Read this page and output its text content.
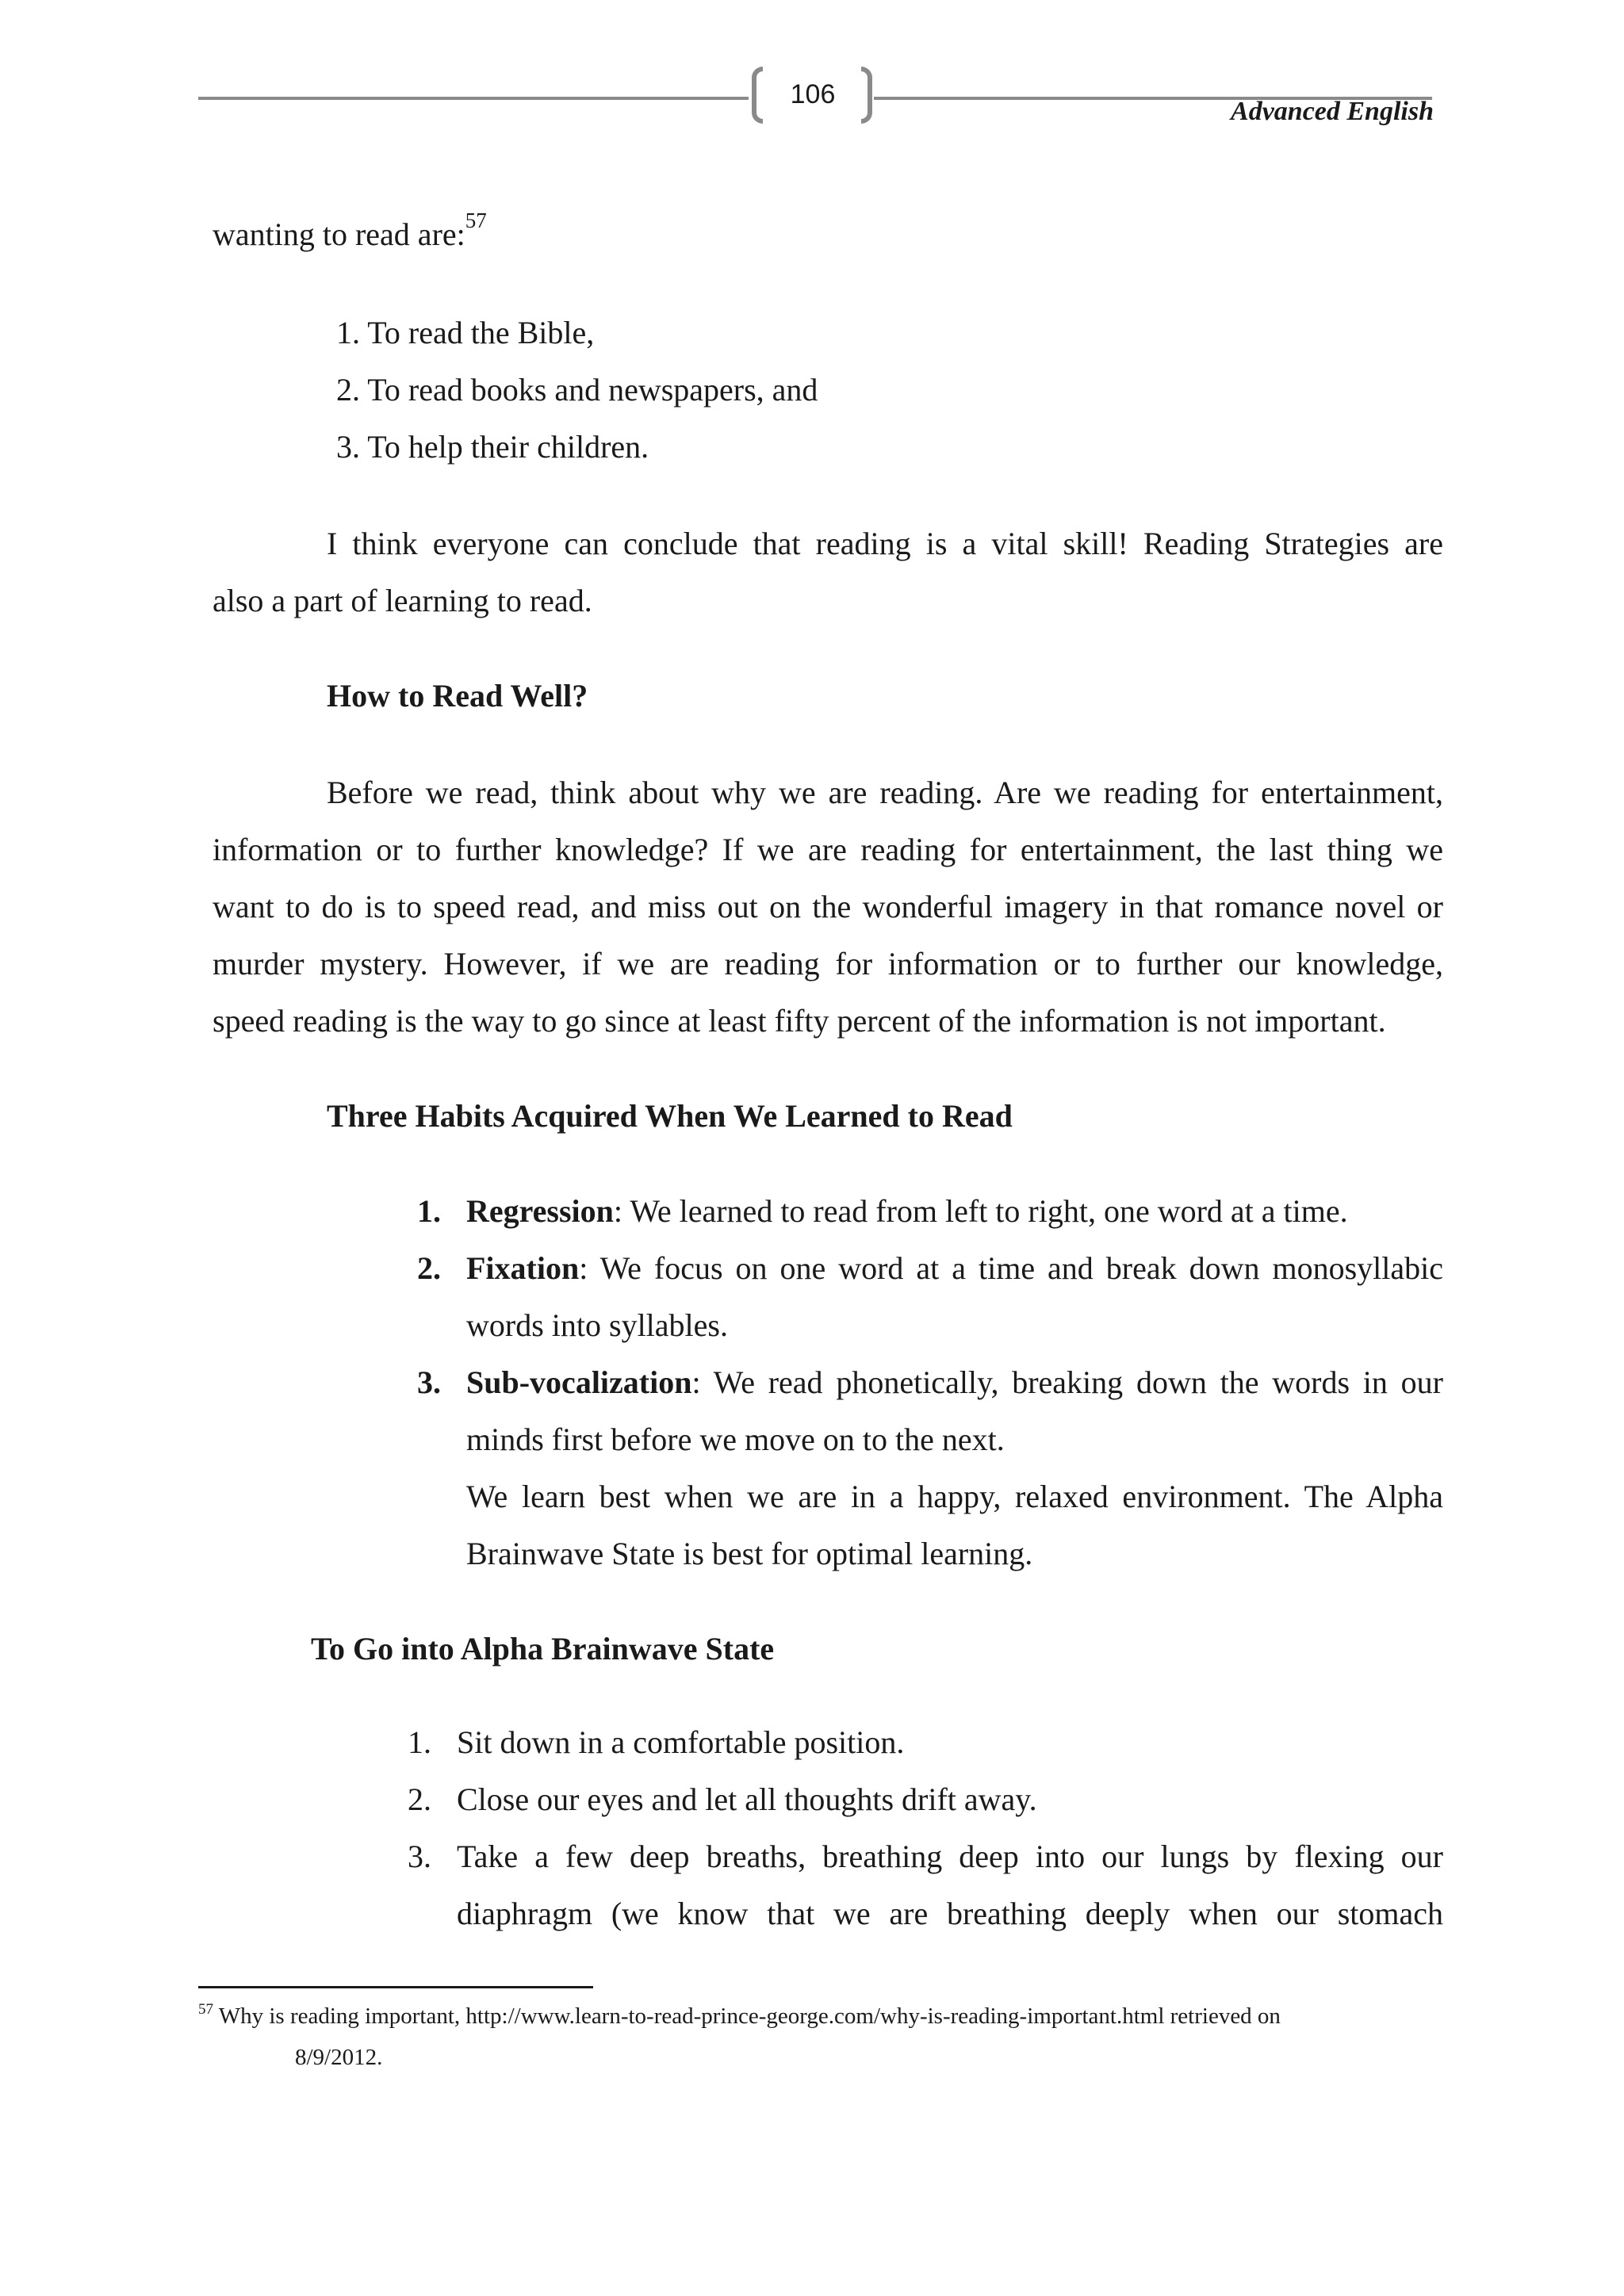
106
Advanced English

wanting to read are:$^{57}$

1. To read the Bible,

2. To read books and newspapers, and

3. To help their children.

I think everyone can conclude that reading is a vital skill! Reading Strategies are

also a part of learning to read.

How to Read Well?

Before we read, think about why we are reading. Are we reading for entertainment,

information or to further knowledge? If we are reading for entertainment, the last thing we

want to do is to speed read, and miss out on the wonderful imagery in that romance novel or

murder mystery. However, if we are reading for information or to further our knowledge,

speed reading is the way to go since at least fifty percent of the information is not important.

Three Habits Acquired When We Learned to Read

1. Regression: We learned to read from left to right, one word at a time.

2. Fixation: We focus on one word at a time and break down monosyllabic

words into syllables.

3. Sub-vocalization: We read phonetically, breaking down the words in our

minds first before we move on to the next.

We learn best when we are in a happy, relaxed environment. The Alpha

Brainwave State is best for optimal learning.

To Go into Alpha Brainwave State

1. Sit down in a comfortable position.

2. Close our eyes and let all thoughts drift away.

3. Take a few deep breaths, breathing deep into our lungs by flexing our

diaphragm (we know that we are breathing deeply when our stomach

$^{57}$ Why is reading important, http://www.learn-to-read-prince-george.com/why-is-reading-important.html retrieved on

8/9/2012.
